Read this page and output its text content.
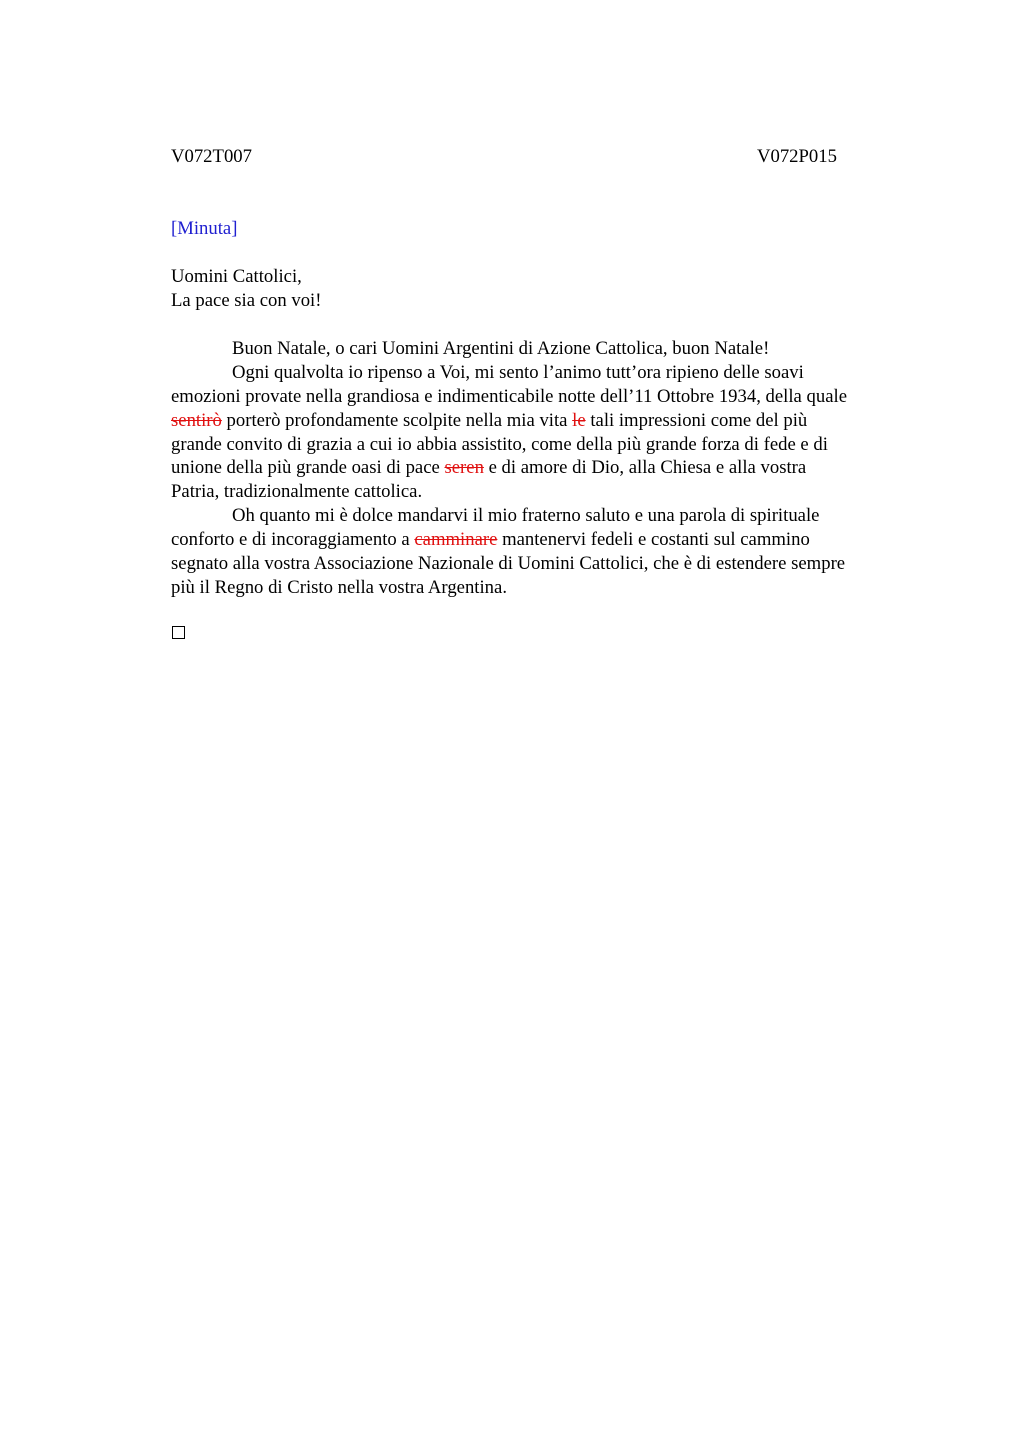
V072T007	V072P015
[Minuta]
Uomini Cattolici,
La pace sia con voi!
Buon Natale, o cari Uomini Argentini di Azione Cattolica, buon Natale!
Ogni qualvolta io ripenso a Voi, mi sento l’animo tutt’ora ripieno delle soavi
emozioni provate nella grandiosa e indimenticabile notte dell’11 Ottobre 1934, della quale
sentirò porterò profondamente scolpite nella mia vita le tali impressioni come del più
grande convito di grazia a cui io abbia assistito, come della più grande forza di fede e di
unione della più grande oasi di pace seren e di amore di Dio, alla Chiesa e alla vostra
Patria, tradizionalmente cattolica.
Oh quanto mi è dolce mandarvi il mio fraterno saluto e una parola di spirituale
conforto e di incoraggiamento a camminare mantenervi fedeli e costanti sul cammino
segnato alla vostra Associazione Nazionale di Uomini Cattolici, che è di estendere sempre
più il Regno di Cristo nella vostra Argentina.
